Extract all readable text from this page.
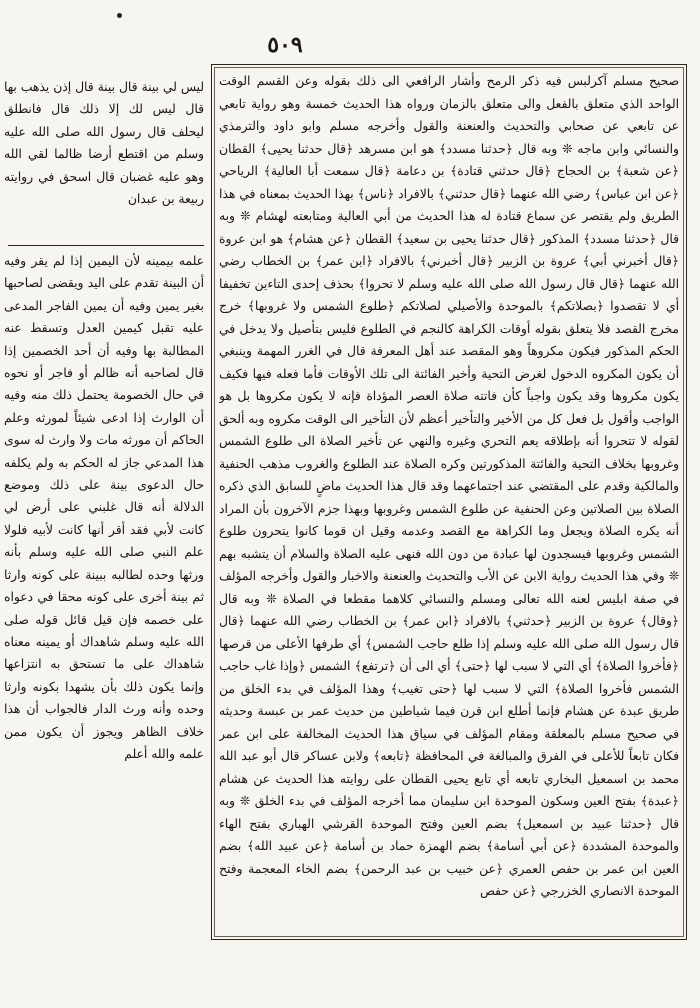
٥٠٩

صحيح مسلم آكرلبس فيه ذكر الرمح وأشار الرافعي الى ذلك بقوله وعن القسم الوقت الواحد الذي متعلق بالفعل والى متعلق بالزمان ورواه هذا الحديث خمسة وهو رواية تابعي عن تابعي عن صحابي والتحديث والعنعنة والقول وأخرجه مسلم وابو داود والترمذي والنسائي وابن ماجه ❊ وبه قال ﴿حدثنا مسدد﴾ هو ابن مسرهد ﴿قال حدثنا يحيى﴾ القطان ﴿عن شعبة﴾ بن الحجاج ﴿قال حدثني قتادة﴾ بن دعامة ﴿قال سمعت أبا العالية﴾ الرياحي ﴿عن ابن عباس﴾ رضي الله عنهما ﴿قال حدثني﴾ بالافراد ﴿ناس﴾ بهذا الحديث بمعناه في هذا الطريق ولم يقتصر عن سماع قتادة له هذا الحديث من أبي العالية ومتابعته لهشام ❊ وبه قال ﴿حدثنا مسدد﴾ المذكور ﴿قال حدثنا يحيى بن سعيد﴾ القطان ﴿عن هشام﴾ هو ابن عروة ﴿قال أخبرني أبي﴾ عروة بن الزبير ﴿قال أخبرني﴾ بالافراد ﴿ابن عمر﴾ بن الخطاب رضي الله عنهما ﴿قال قال رسول الله صلى الله عليه وسلم لا تحروا﴾ بحذف إحدى التاءين تخفيفا أي لا تقصدوا ﴿بصلاتكم﴾ بالموحدة والأصيلي لصلاتكم ﴿طلوع الشمس ولا غروبها﴾ خرج مخرج القصد فلا يتعلق بقوله أوقات الكراهة كالنجم في الطلوع فليس بتأصيل ولا يدخل في الحكم المذكور فيكون مكروهاً وهو المقصد عند أهل المعرفة قال في الغرر المهمة وينبغي أن يكون المكروه الدخول لغرض التحية وأخير الفائتة الى تلك الأوقات فأما فعله فيها فكيف يكون مكروها وقد يكون واجباً كأن فاتته صلاة العصر المؤداة فإنه لا يكون مكروها بل هو الواجب وأقول بل فعل كل من الأخير والتأخير أعظم لأن التأخير الى الوقت مكروه وبه ألحق لقوله لا تتحروا أنه بإطلاقه يعم التحري وغيره والنهي عن تأخير الصلاة الى طلوع الشمس وغروبها بخلاف التحية والفائتة المذكورتين وكره الصلاة عند الطلوع والغروب مذهب الحنفية والمالكية وقدم على المقتضي عند اجتماعهما وقد قال هذا الحديث ماضٍ للسابق الذي ذكره الصلاة بين الصلاتين وعن الحنفية عن طلوع الشمس وغروبها وبهذا جزم الآخرون بأن المراد أنه يكره الصلاة ويجعل وما الكراهة مع القصد وعدمه وقيل ان قوما كانوا يتحرون طلوع الشمس وغروبها فيسجدون لها عبادة من دون الله فنهى عليه الصلاة والسلام أن يتشبه بهم ❊ وفي هذا الحديث رواية الابن عن الأب والتحديث والعنعنة والاخبار والقول وأخرجه المؤلف في صفة ابليس لعنه الله تعالى ومسلم والنسائي كلاهما مقطعا في الصلاة ❊ وبه قال ﴿وقال﴾ عروة بن الزبير ﴿حدثني﴾ بالافراد ﴿ابن عمر﴾ بن الخطاب رضي الله عنهما ﴿قال قال رسول الله صلى الله عليه وسلم إذا طلع حاجب الشمس﴾ أي طرفها الأعلى من قرصها ﴿فأخروا الصلاة﴾ أي التي لا سبب لها ﴿حتى﴾ أي الى أن ﴿ترتفع﴾ الشمس ﴿وإذا غاب حاجب الشمس فأخروا الصلاة﴾ التي لا سبب لها ﴿حتى تغيب﴾ وهذا المؤلف في بدء الخلق من طريق عبدة عن هشام فإنما أطلع ابن قرن فيما شياطين من حديث عمر بن عبسة وحديثه في صحيح مسلم بالمعلقة ومقام المؤلف في سياق هذا الحديث المخالفة على ابن عمر فكان تابعاً للأعلى في الفرق والمبالغة في المحافظة ﴿تابعه﴾ ولابن عساكر قال أبو عبد الله محمد بن اسمعيل البخاري تابعه أي تابع يحيى القطان على روايته هذا الحديث عن هشام ﴿عبدة﴾ بفتح العين وسكون الموحدة ابن سليمان مما أخرجه المؤلف في بدء الخلق ❊ وبه قال ﴿حدثنا عبيد بن اسمعيل﴾ بضم العين وفتح الموحدة القرشي الهباري بفتح الهاء والموحدة المشددة ﴿عن أبي أسامة﴾ بضم الهمزة حماد بن أسامة ﴿عن عبيد الله﴾ بضم العين ابن عمر بن حفص العمري ﴿عن خبيب بن عبد الرحمن﴾ بضم الخاء المعجمة وفتح الموحدة الانصاري الخزرجي ﴿عن حفص

ليس لي بينة قال بينة قال إذن يذهب بها قال ليس لك إلا ذلك قال فانطلق ليحلف قال رسول الله صلى الله عليه وسلم من اقتطع أرضا ظالما لقي الله وهو عليه غضبان قال اسحق في روايته ربيعة بن عبدان

علمه بيمينه لأن اليمين إذا لم يقر وفيه أن البينة تقدم على اليد ويقضى لصاحبها بغير يمين وفيه أن يمين الفاجر المدعى عليه تقبل كيمين العدل وتسقط عنه المطالبة بها وفيه أن أحد الخصمين إذا قال لصاحبه أنه ظالم أو فاجر أو نحوه في حال الخصومة يحتمل ذلك منه وفيه أن الوارث إذا ادعى شيئاً لمورثه وعلم الحاكم أن مورثه مات ولا وارث له سوى هذا المدعي جاز له الحكم به ولم يكلفه حال الدعوى بينة على ذلك وموضع الدلالة أنه قال غلبني على أرض لي كانت لأبي فقد أقر أنها كانت لأبيه فلولا علم النبي صلى الله عليه وسلم بأنه ورثها وحده لطالبه ببينة على كونه وارثا ثم بينة أخرى على كونه محقا في دعواه على خصمه فإن قيل قائل قوله صلى الله عليه وسلم شاهداك أو يمينه معناه شاهداك على ما تستحق به انتزاعها وإنما يكون ذلك بأن يشهدا بكونه وارثا وحده وأنه ورث الدار فالجواب أن هذا خلاف الظاهر ويجوز أن يكون ممن علمه والله أعلم
